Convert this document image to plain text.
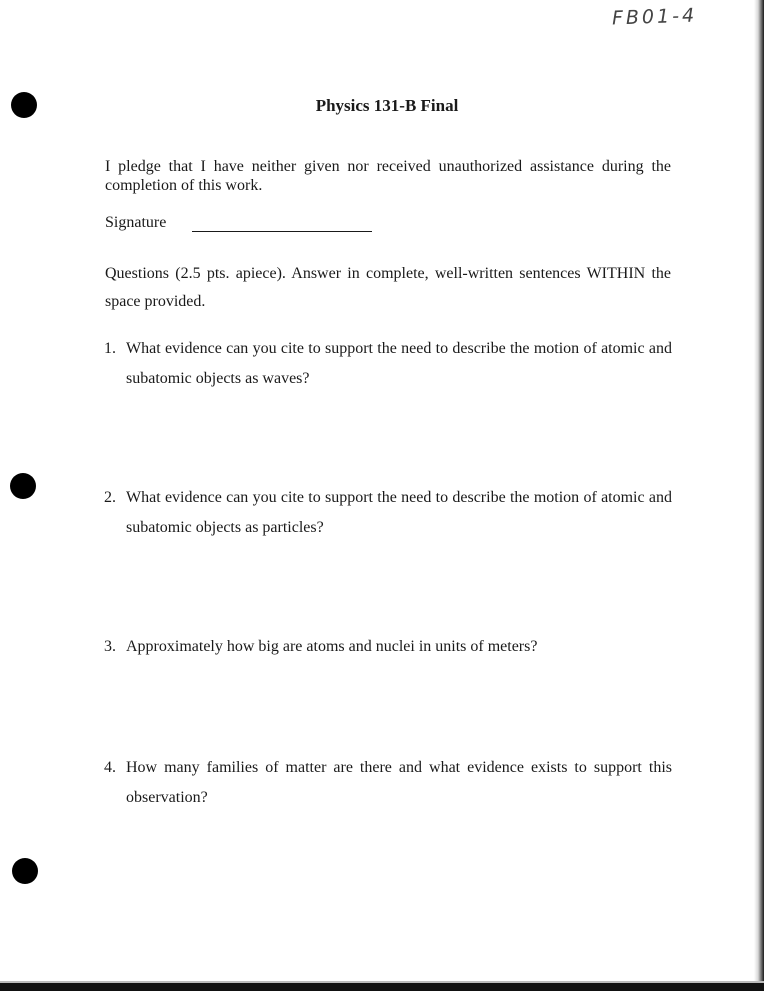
FB01-4
Physics 131-B Final
I pledge that I have neither given nor received unauthorized assistance during the completion of this work.
Signature
Questions (2.5 pts. apiece). Answer in complete, well-written sentences WITHIN the space provided.
1. What evidence can you cite to support the need to describe the motion of atomic and subatomic objects as waves?
2. What evidence can you cite to support the need to describe the motion of atomic and subatomic objects as particles?
3. Approximately how big are atoms and nuclei in units of meters?
4. How many families of matter are there and what evidence exists to support this observation?
